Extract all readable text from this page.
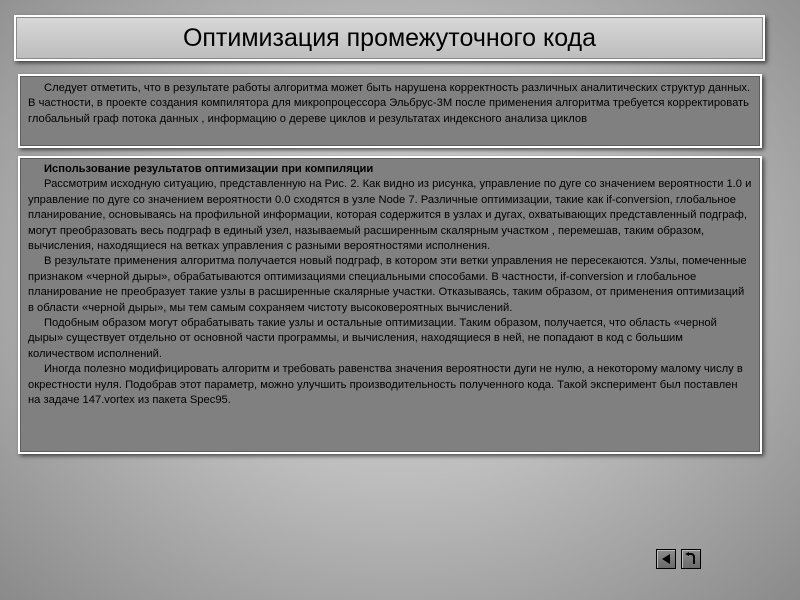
Оптимизация промежуточного кода

Следует отметить, что в результате работы алгоритма может быть нарушена корректность различных аналитических структур данных. В частности, в проекте создания компилятора для микропроцессора Эльбрус-3М после применения алгоритма требуется корректировать глобальный граф потока данных , информацию о дереве циклов и результатах индексного анализа циклов

Использование результатов оптимизации при компиляции

Рассмотрим исходную ситуацию, представленную на Рис. 2. Как видно из рисунка, управление по дуге со значением вероятности 1.0 и управление по дуге со значением вероятности 0.0 сходятся в узле Node 7. Различные оптимизации, такие как if-conversion, глобальное планирование, основываясь на профильной информации, которая содержится в узлах и дугах, охватывающих представленный подграф, могут преобразовать весь подграф в единый узел, называемый расширенным скалярным участком , перемешав, таким образом, вычисления, находящиеся на ветках управления с разными вероятностями исполнения.

В результате применения алгоритма получается новый подграф, в котором эти ветки управления не пересекаются. Узлы, помеченные признаком «черной дыры», обрабатываются оптимизациями специальными способами. В частности, if-conversion и глобальное планирование не преобразует такие узлы в расширенные скалярные участки. Отказываясь, таким образом, от применения оптимизаций в области «черной дыры», мы тем самым сохраняем чистоту высоковероятных вычислений.

Подобным образом могут обрабатывать такие узлы и остальные оптимизации. Таким образом, получается, что область «черной дыры» существует отдельно от основной части программы, и вычисления, находящиеся в ней, не попадают в код с большим количеством исполнений.

Иногда полезно модифицировать алгоритм и требовать равенства значения вероятности дуги не нулю, а некоторому малому числу в окрестности нуля. Подобрав этот параметр, можно улучшить производительность полученного кода. Такой эксперимент был поставлен на задаче 147.vortex из пакета Spec95.
